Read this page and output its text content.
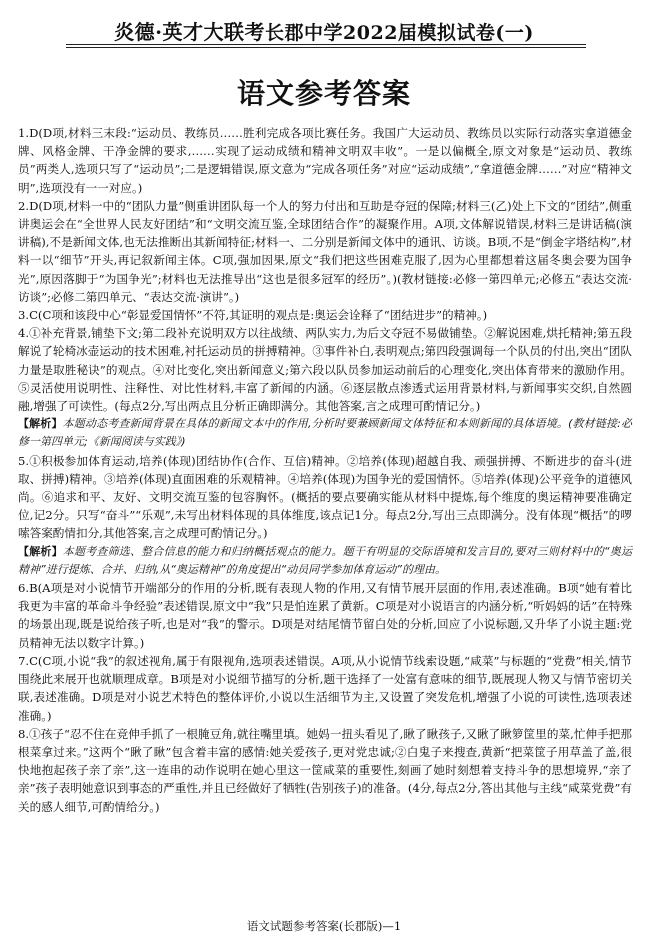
炎德·英才大联考长郡中学2022届模拟试卷(一)
语文参考答案

1.D(D项,材料三末段:“运动员、教练员……胜利完成各项比赛任务。我国广大运动员、教练员以实际行动落实拿道德金牌、风格金牌、干净金牌的要求,……实现了运动成绩和精神文明双丰收”。一是以偏概全,原文对象是“运动员、教练员”两类人,选项只写了“运动员”;二是逻辑错误,原文意为“完成各项任务”对应“运动成绩”,“拿道德金牌……”对应“精神文明”,选项没有一一对应。)

2.D(D项,材料一中的“团队力量”侧重讲团队每一个人的努力付出和互助是夺冠的保障;材料三(乙)处上下文的“团结”,侧重讲奥运会在“全世界人民友好团结”和“文明交流互鉴,全球团结合作”的凝聚作用。A项,文体解说错误,材料三是讲话稿(演讲稿),不是新闻文体,也无法推断出其新闻特征;材料一、二分别是新闻文体中的通讯、访谈。B项,不是“倒金字塔结构”,材料一以“细节”开头,再记叙新闻主体。C项,强加因果,原文“我们把这些困难克服了,因为心里都想着这届冬奥会要为国争光”,原因落脚于“为国争光”;材料也无法推导出“这也是很多冠军的经历”。)(教材链接:必修一第四单元;必修五“表达交流·访谈”;必修二第四单元、“表达交流·演讲”。)

3.C(C项和该段中心“彰显爱国情怀”不符,其证明的观点是:奥运会诠释了“团结进步”的精神。)

4.①补充背景,铺垫下文;第二段补充说明双方以往战绩、两队实力,为后文夺冠不易做铺垫。②解说困难,烘托精神;第五段解说了轮椅冰壶运动的技术困难,衬托运动员的拼搏精神。③事件补白,表明观点;第四段强调每一个队员的付出,突出“团队力量是取胜秘诀”的观点。④对比变化,突出新闻意义;第六段以队员参加运动前后的心理变化,突出体育带来的激励作用。⑤灵活使用说明性、注释性、对比性材料,丰富了新闻的内涵。⑥逐层散点渗透式运用背景材料,与新闻事实交织,自然圆融,增强了可读性。(每点2分,写出两点且分析正确即满分。其他答案,言之成理可酌情记分。)

【解析】本题动态考查新闻背景在具体的新闻文本中的作用,分析时要兼顾新闻文体特征和本则新闻的具体语境。(教材链接:必修一第四单元;《新闻阅读与实践》)

5.①积极参加体育运动,培养(体现)团结协作(合作、互信)精神。②培养(体现)超越自我、顽强拼搏、不断进步的奋斗(进取、拼搏)精神。③培养(体现)直面困难的乐观精神。④培养(体现)为国争光的爱国情怀。⑤培养(体现)公平竞争的道德风尚。⑥追求和平、友好、文明交流互鉴的包容胸怀。(概括的要点要确实能从材料中提炼,每个维度的奥运精神要准确定位,记2分。只写“奋斗”“乐观”,未写出材料体现的具体维度,该点记1分。每点2分,写出三点即满分。没有体现“概括”的啰嗦答案酌情扣分,其他答案,言之成理可酌情记分。)

【解析】本题考查筛选、整合信息的能力和归纳概括观点的能力。题干有明显的交际语境和发言目的,要对三则材料中的“奥运精神”进行提炼、合并、归纳,从“奥运精神”的角度提出“动员同学参加体育运动”的理由。

6.B(A项是对小说情节开端部分的作用的分析,既有表现人物的作用,又有情节展开层面的作用,表述准确。B项“她有着比我更为丰富的革命斗争经验”表述错误,原文中“我”只是怕连累了黄新。C项是对小说语言的内涵分析,“听妈妈的话”在特殊的场景出现,既是说给孩子听,也是对“我”的警示。D项是对结尾情节留白处的分析,回应了小说标题,又升华了小说主题:党员精神无法以数字计算。)

7.C(C项,小说“我”的叙述视角,属于有限视角,选项表述错误。A项,从小说情节线索设题,“咸菜”与标题的“党费”相关,情节围绕此来展开也就顺理成章。B项是对小说细节描写的分析,题干选择了一处富有意味的细节,既展现人物又与情节密切关联,表述准确。D项是对小说艺术特色的整体评价,小说以生活细节为主,又设置了突发危机,增强了小说的可读性,选项表述准确。)

8.①孩子“忍不住在竞伸手抓了一根腌豆角,就往嘴里填。她妈一扭头看见了,瞅了瞅孩子,又瞅了瞅箩筐里的菜,忙伸手把那根菜拿过来。”这两个“瞅了瞅”包含着丰富的感情:她关爱孩子,更对党忠诚;②白鬼子来搜查,黄新“把菜筐子用草盖了盖,很快地抱起孩子亲了亲”,这一连串的动作说明在她心里这一筐咸菜的重要性,刻画了她时刻想着支持斗争的思想境界,“亲了亲”孩子表明她意识到事态的严重性,并且已经做好了牺牲(告别孩子)的准备。(4分,每点2分,答出其他与主线“咸菜党费”有关的感人细节,可酌情给分。)

语文试题参考答案(长郡版)—1
